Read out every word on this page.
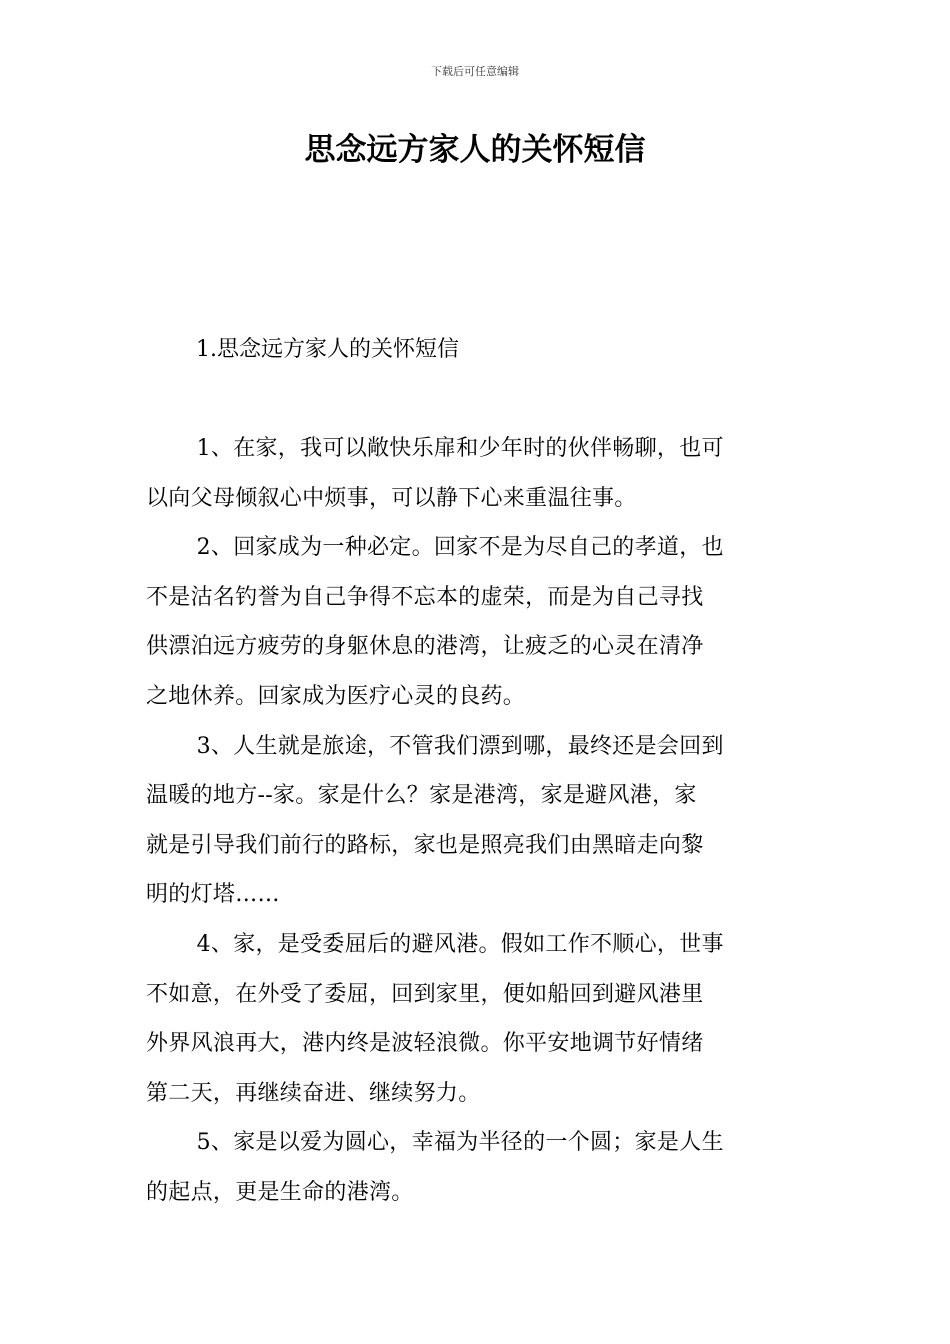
下载后可任意编辑
思念远方家人的关怀短信
1.思念远方家人的关怀短信

1、在家，我可以敞快乐扉和少年时的伙伴畅聊，也可
以向父母倾叙心中烦事，可以静下心来重温往事。

2、回家成为一种必定。回家不是为尽自己的孝道，也
不是沽名钓誉为自己争得不忘本的虚荣，而是为自己寻找
供漂泊远方疲劳的身躯休息的港湾，让疲乏的心灵在清净
之地休养。回家成为医疗心灵的良药。

3、人生就是旅途，不管我们漂到哪，最终还是会回到
温暖的地方--家。家是什么？家是港湾，家是避风港，家
就是引导我们前行的路标，家也是照亮我们由黑暗走向黎
明的灯塔……

4、家，是受委屈后的避风港。假如工作不顺心，世事
不如意，在外受了委屈，回到家里，便如船回到避风港里
外界风浪再大，港内终是波轻浪微。你平安地调节好情绪
第二天，再继续奋进、继续努力。

5、家是以爱为圆心，幸福为半径的一个圆；家是人生
的起点，更是生命的港湾。
